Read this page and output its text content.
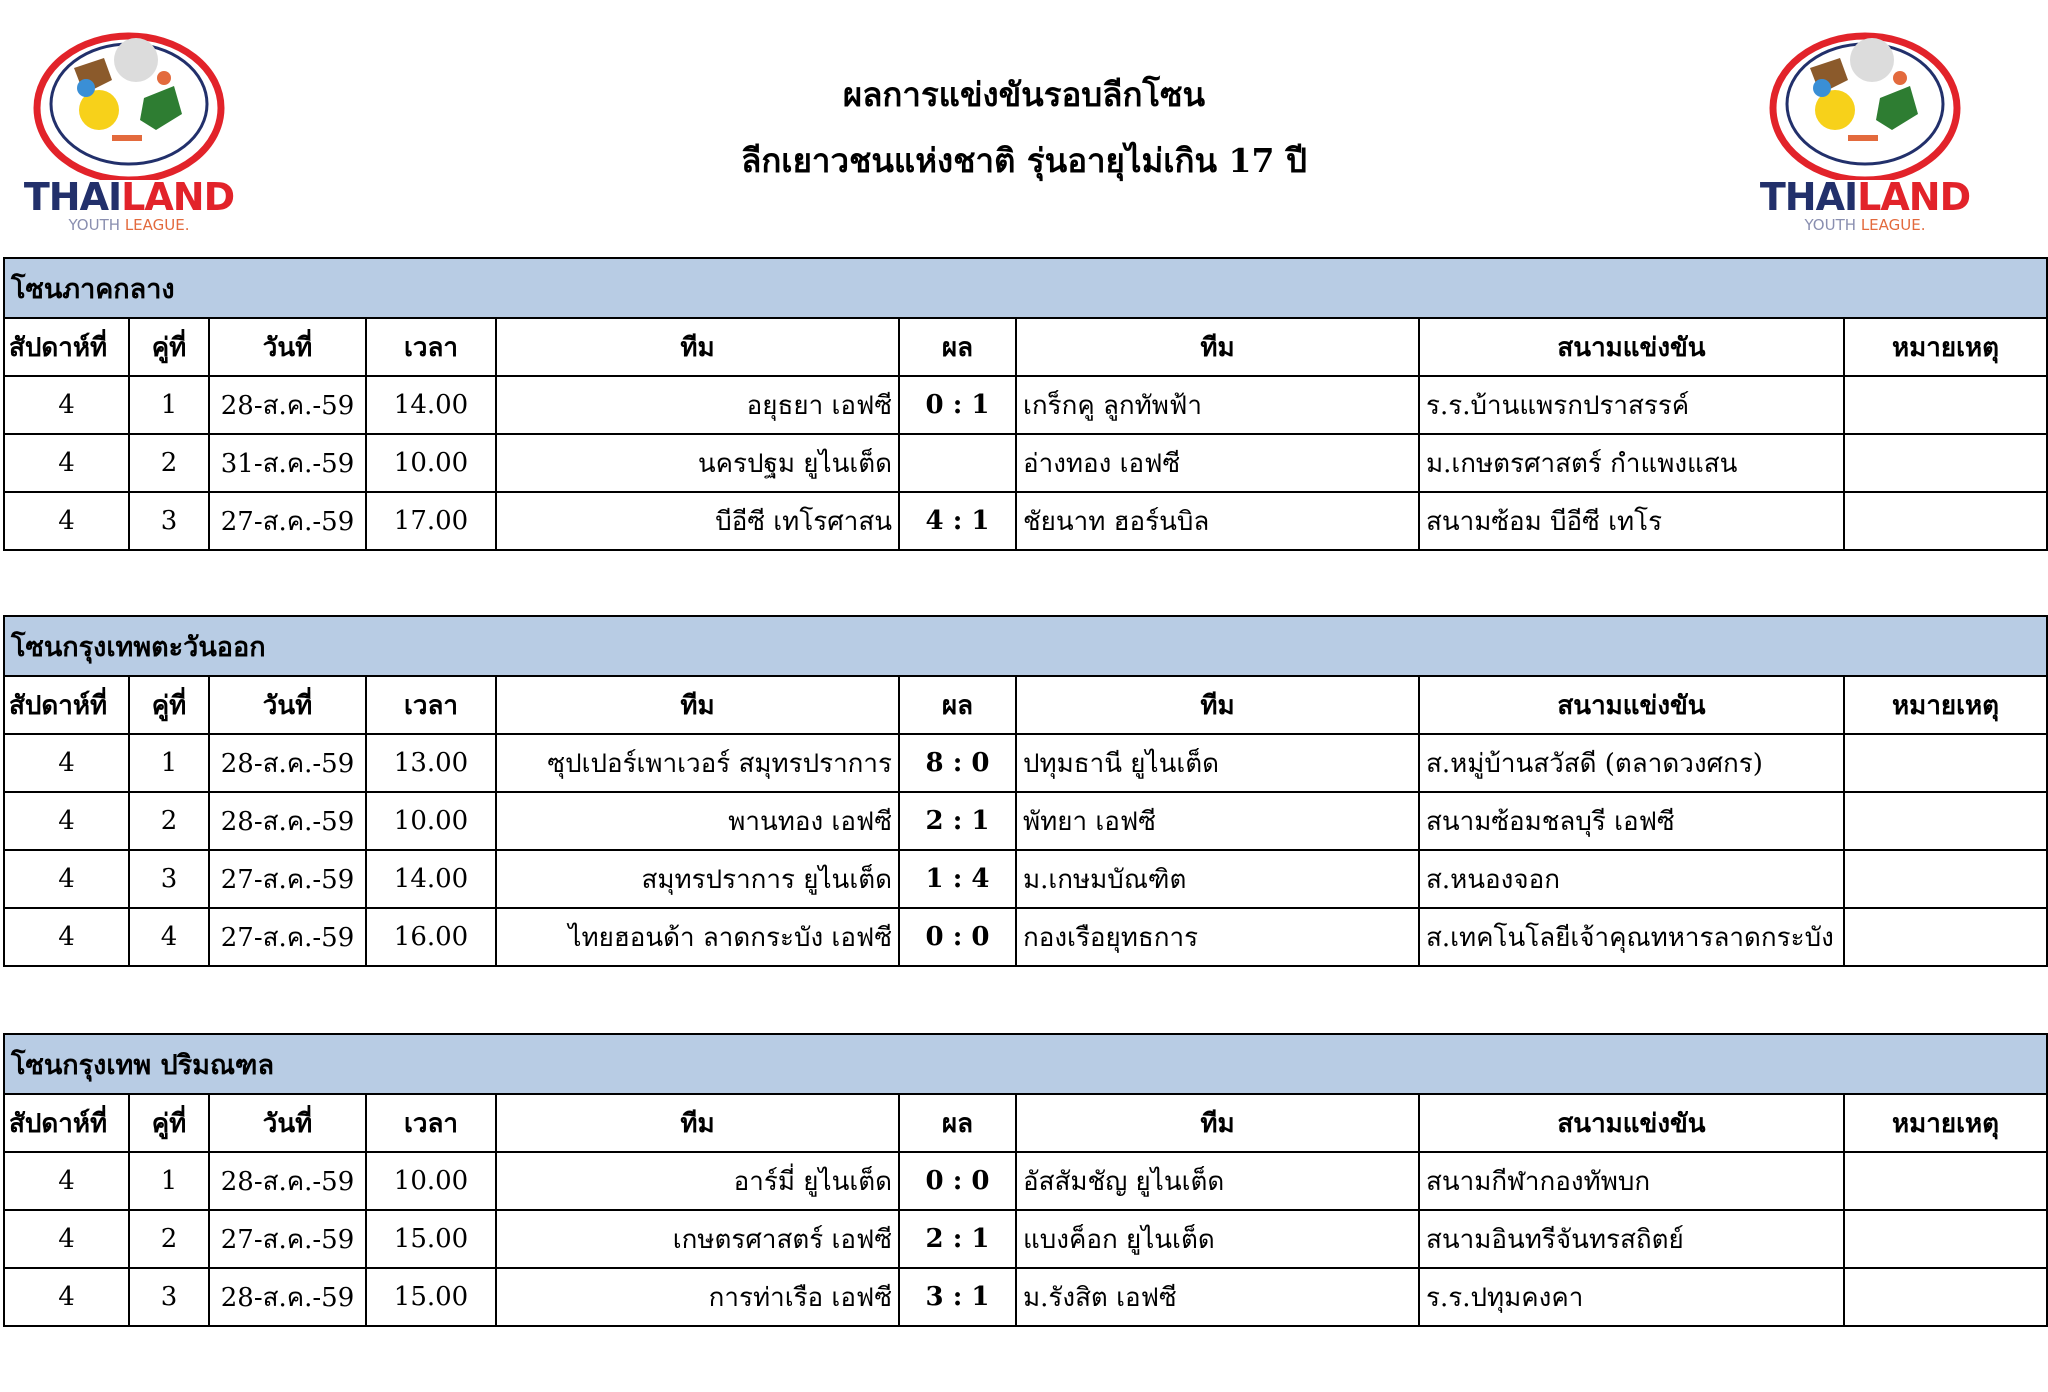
THAILAND
YOUTH LEAGUE.
THAILAND
YOUTH LEAGUE.
ผลการแข่งขันรอบลีกโซน
ลีกเยาวชนแห่งชาติ รุ่นอายุไม่เกิน 17 ปี
โซนภาคกลาง								
สัปดาห์ที่	คู่ที่	วันที่	เวลา	ทีม	ผล	ทีม	สนามแข่งขัน	หมายเหตุ
4	1	28-ส.ค.-59	14.00	อยุธยา เอฟซี	0 : 1	เกร็กคู ลูกทัพฟ้า	ร.ร.บ้านแพรกปราสรรค์	
4	2	31-ส.ค.-59	10.00	นครปฐม ยูไนเต็ด		อ่างทอง เอฟซี	ม.เกษตรศาสตร์ กำแพงแสน	
4	3	27-ส.ค.-59	17.00	บีอีซี เทโรศาสน	4 : 1	ชัยนาท ฮอร์นบิล	สนามซ้อม บีอีซี เทโร	
โซนกรุงเทพตะวันออก								
สัปดาห์ที่	คู่ที่	วันที่	เวลา	ทีม	ผล	ทีม	สนามแข่งขัน	หมายเหตุ
4	1	28-ส.ค.-59	13.00	ซุปเปอร์เพาเวอร์ สมุทรปราการ	8 : 0	ปทุมธานี ยูไนเต็ด	ส.หมู่บ้านสวัสดี (ตลาดวงศกร)	
4	2	28-ส.ค.-59	10.00	พานทอง เอฟซี	2 : 1	พัทยา เอฟซี	สนามซ้อมชลบุรี เอฟซี	
4	3	27-ส.ค.-59	14.00	สมุทรปราการ ยูไนเต็ด	1 : 4	ม.เกษมบัณฑิต	ส.หนองจอก	
4	4	27-ส.ค.-59	16.00	ไทยฮอนด้า ลาดกระบัง เอฟซี	0 : 0	กองเรือยุทธการ	ส.เทคโนโลยีเจ้าคุณทหารลาดกระบัง	
โซนกรุงเทพ ปริมณฑล								
สัปดาห์ที่	คู่ที่	วันที่	เวลา	ทีม	ผล	ทีม	สนามแข่งขัน	หมายเหตุ
4	1	28-ส.ค.-59	10.00	อาร์มี่ ยูไนเต็ด	0 : 0	อัสสัมชัญ ยูไนเต็ด	สนามกีฬากองทัพบก	
4	2	27-ส.ค.-59	15.00	เกษตรศาสตร์ เอฟซี	2 : 1	แบงค็อก ยูไนเต็ด	สนามอินทรีจันทรสถิตย์	
4	3	28-ส.ค.-59	15.00	การท่าเรือ เอฟซี	3 : 1	ม.รังสิต เอฟซี	ร.ร.ปทุมคงคา	
